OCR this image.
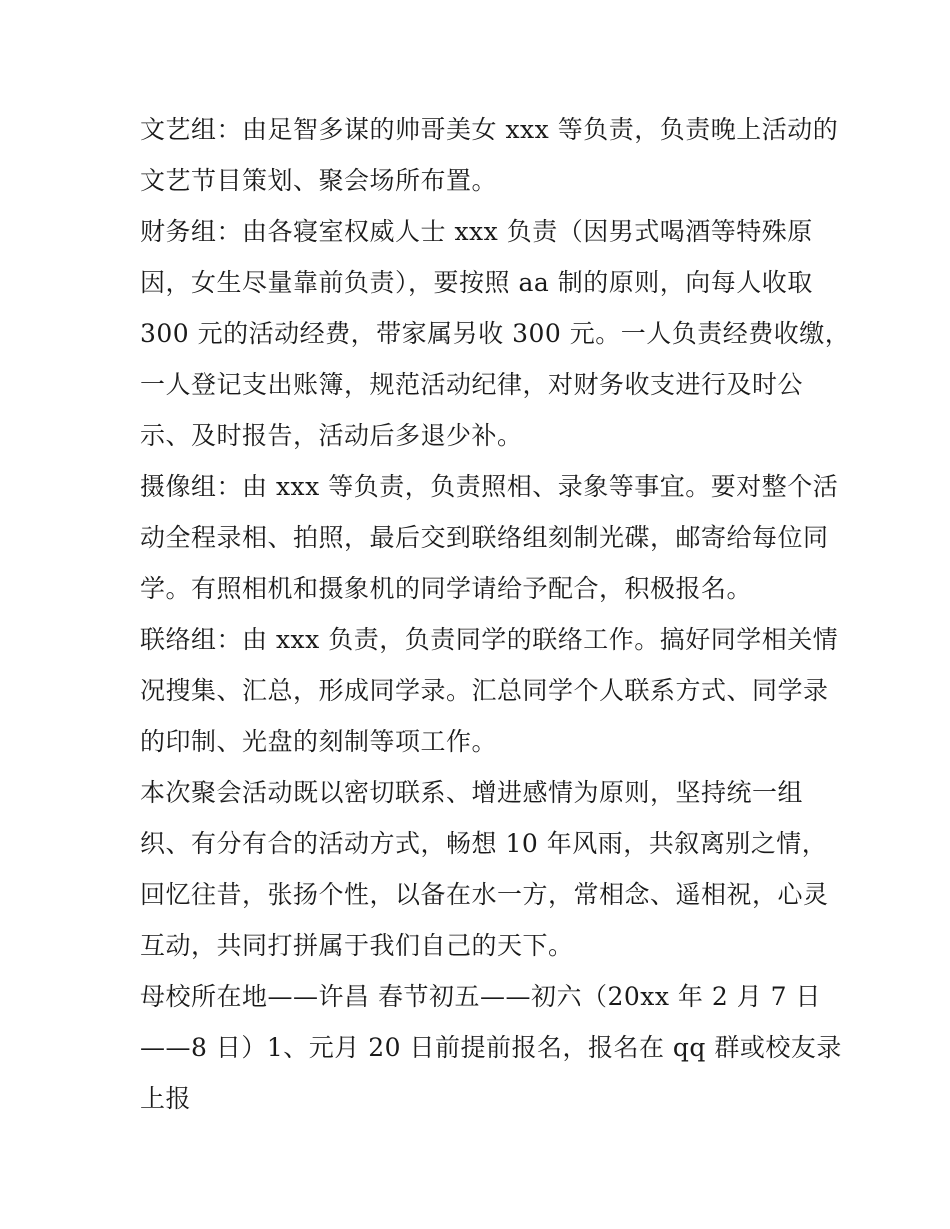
文艺组：由足智多谋的帅哥美女 xxx 等负责，负责晚上活动的
文艺节目策划、聚会场所布置。
财务组：由各寝室权威人士 xxx 负责（因男式喝酒等特殊原
因，女生尽量靠前负责），要按照 aa 制的原则，向每人收取
300 元的活动经费，带家属另收 300 元。一人负责经费收缴，
一人登记支出账簿，规范活动纪律，对财务收支进行及时公
示、及时报告，活动后多退少补。
摄像组：由 xxx 等负责，负责照相、录象等事宜。要对整个活
动全程录相、拍照，最后交到联络组刻制光碟，邮寄给每位同
学。有照相机和摄象机的同学请给予配合，积极报名。
联络组：由 xxx 负责，负责同学的联络工作。搞好同学相关情
况搜集、汇总，形成同学录。汇总同学个人联系方式、同学录
的印制、光盘的刻制等项工作。
本次聚会活动既以密切联系、增进感情为原则，坚持统一组
织、有分有合的活动方式，畅想 10 年风雨，共叙离别之情，
回忆往昔，张扬个性，以备在水一方，常相念、遥相祝，心灵
互动，共同打拼属于我们自己的天下。
母校所在地——许昌 春节初五——初六（20xx 年 2 月 7 日
——8 日）1、元月 20 日前提前报名，报名在 qq 群或校友录
上报
